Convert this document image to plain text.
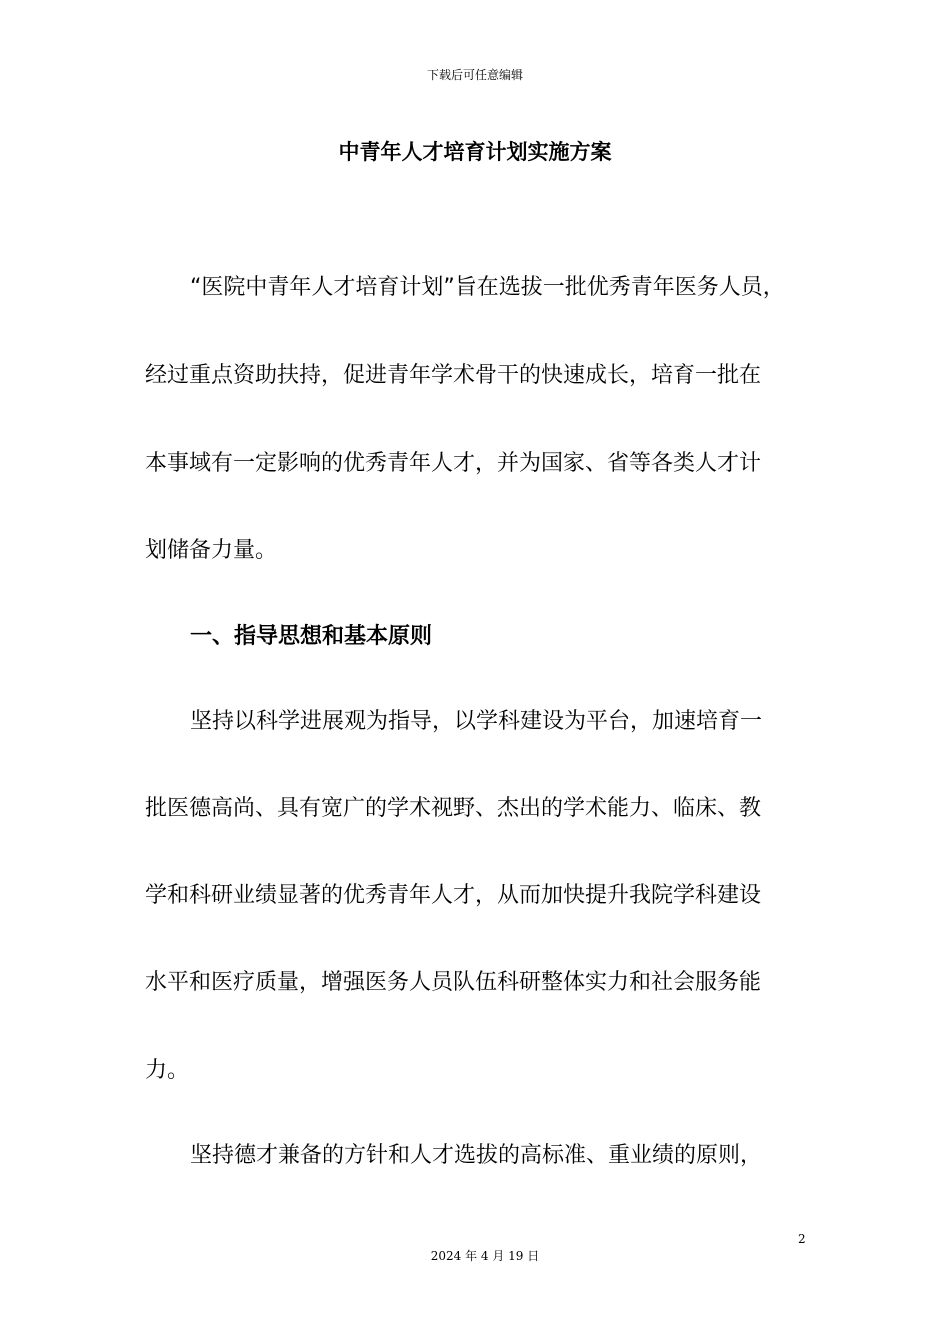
下载后可任意编辑
中青年人才培育计划实施方案
“医院中青年人才培育计划”旨在选拔一批优秀青年医务人员，
经过重点资助扶持，促进青年学术骨干的快速成长，培育一批在
本事域有一定影响的优秀青年人才，并为国家、省等各类人才计
划储备力量。
一、指导思想和基本原则
坚持以科学进展观为指导，以学科建设为平台，加速培育一
批医德高尚、具有宽广的学术视野、杰出的学术能力、临床、教
学和科研业绩显著的优秀青年人才，从而加快提升我院学科建设
水平和医疗质量，增强医务人员队伍科研整体实力和社会服务能
力。
坚持德才兼备的方针和人才选拔的高标准、重业绩的原则，
2
2024 年 4 月 19 日
